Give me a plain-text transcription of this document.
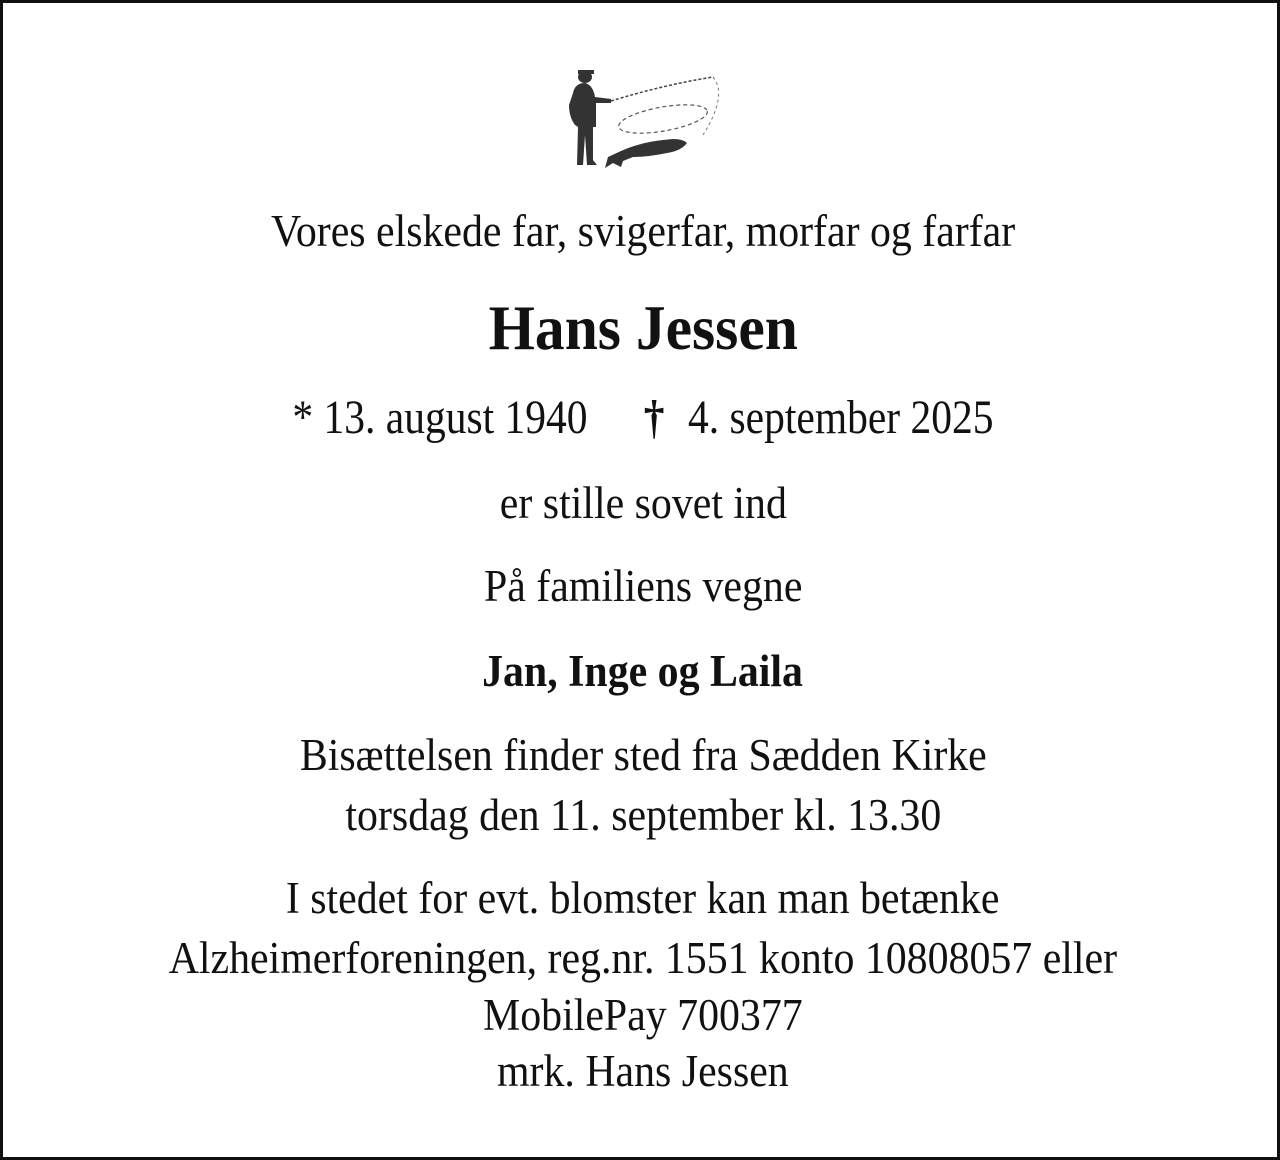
Vores elskede far, svigerfar, morfar og farfar
Hans Jessen
* 13. august 1940 † 4. september 2025
er stille sovet ind
På familiens vegne
Jan, Inge og Laila
Bisættelsen finder sted fra Sædden Kirke
torsdag den 11. september kl. 13.30
I stedet for evt. blomster kan man betænke
Alzheimerforeningen, reg.nr. 1551 konto 10808057 eller
MobilePay 700377
mrk. Hans Jessen
